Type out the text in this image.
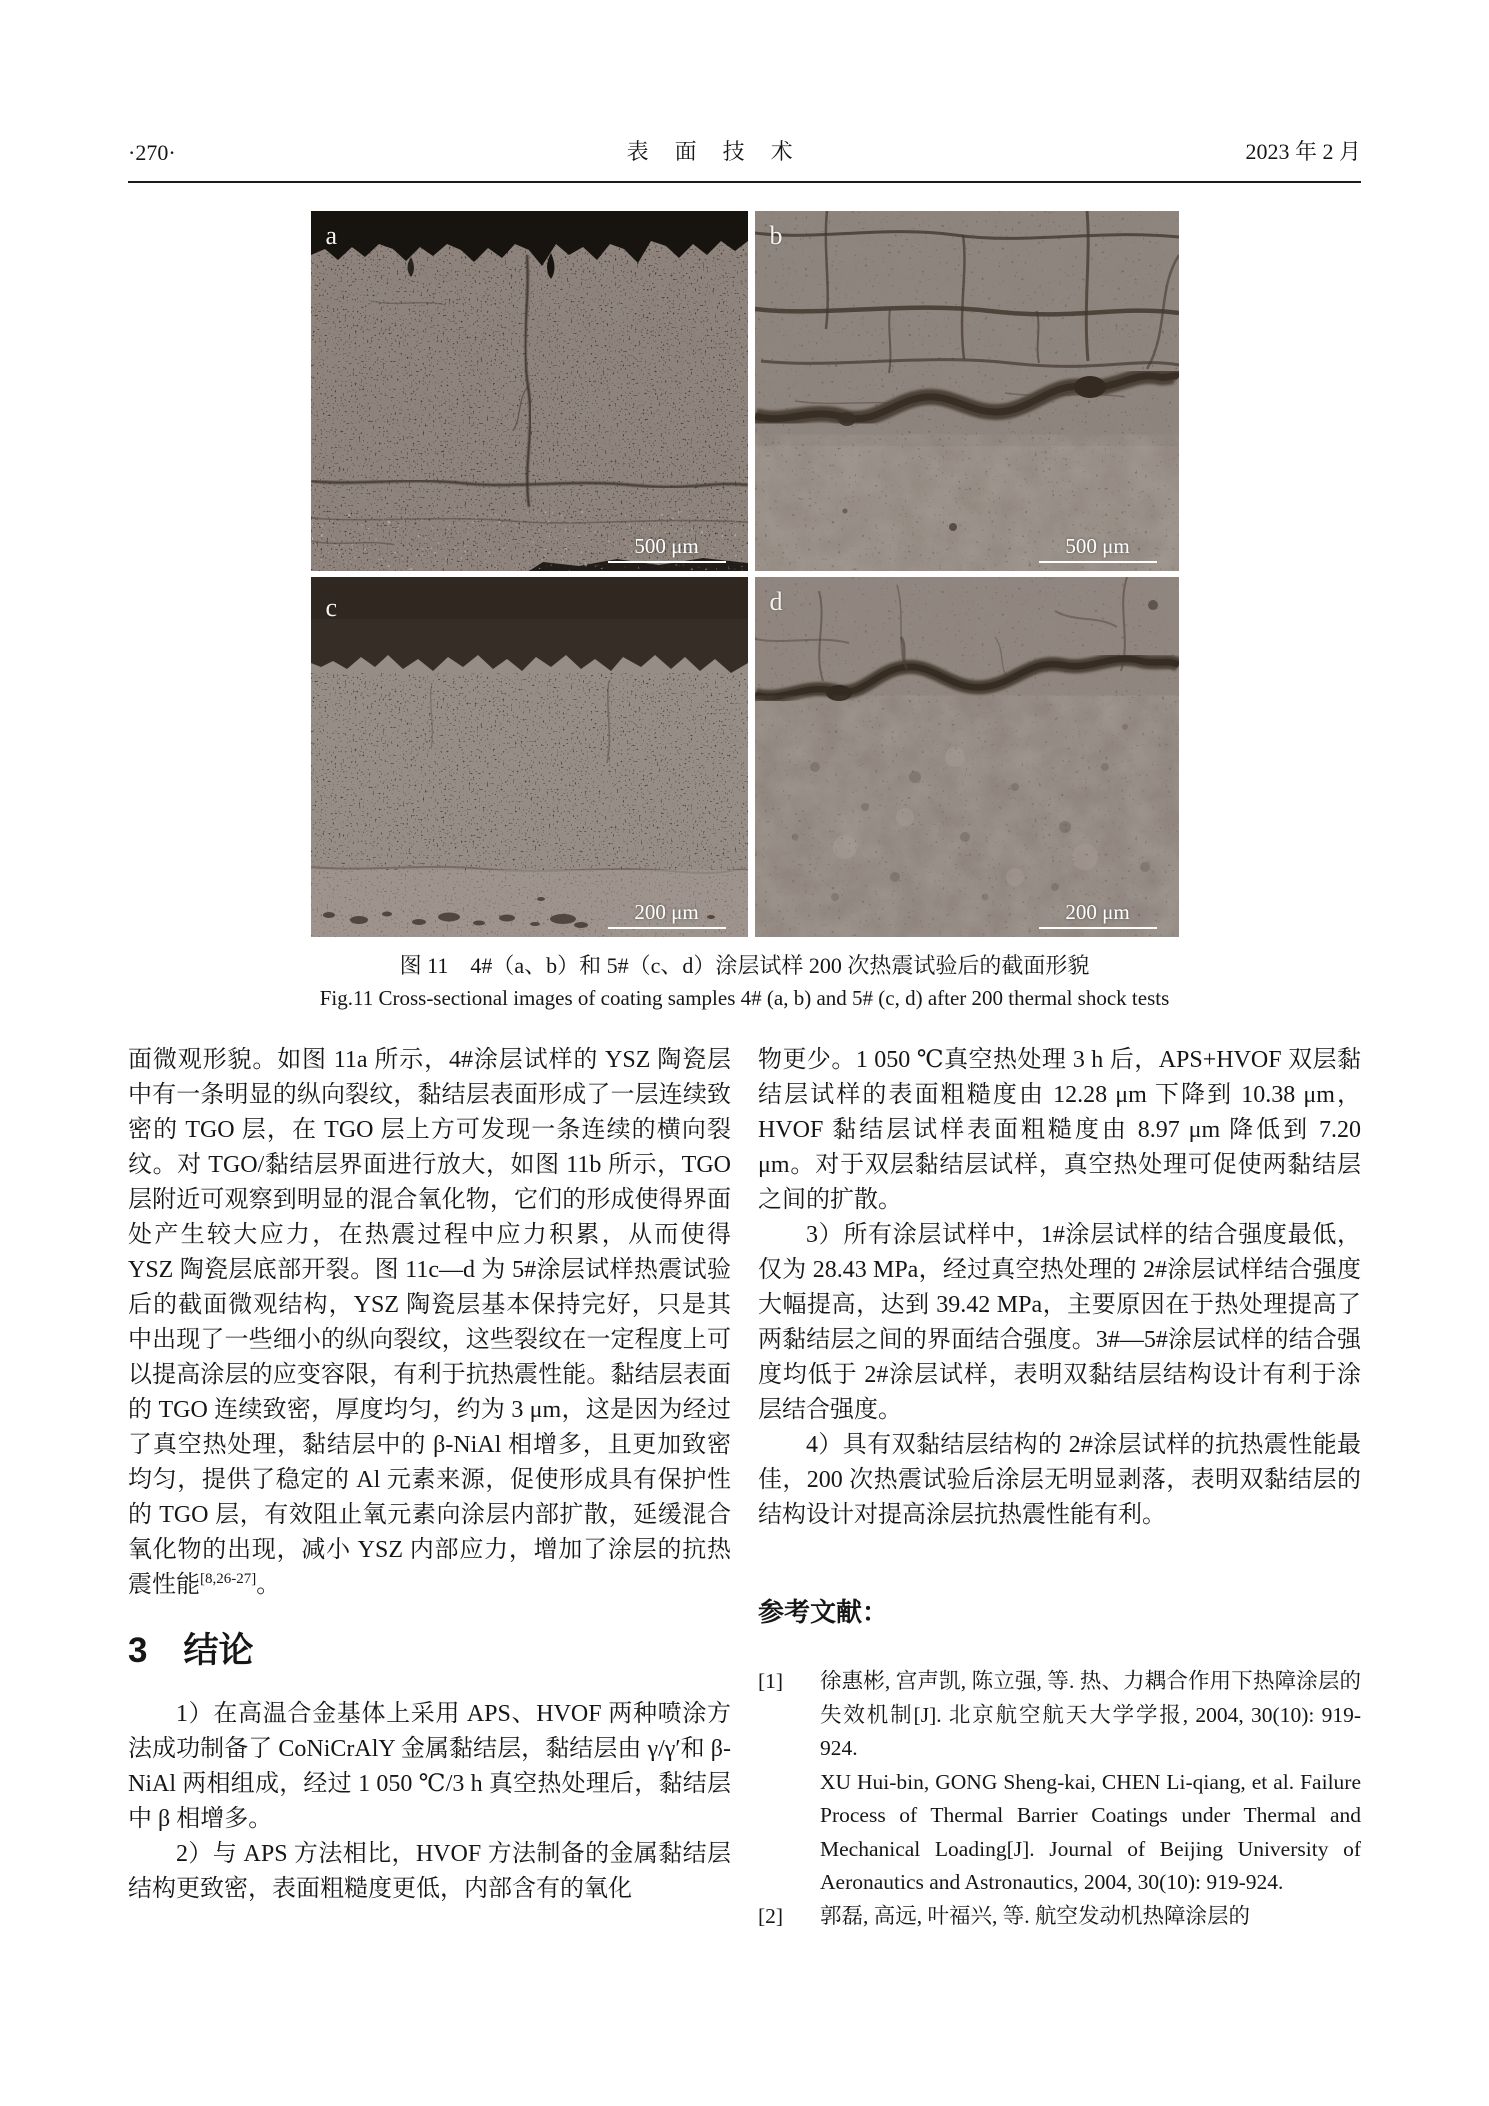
·270·	表　面　技　术	2023 年 2 月
a
500 μm
b
500 μm
c
200 μm
d
200 μm

图 11　4#（a、b）和 5#（c、d）涂层试样 200 次热震试验后的截面形貌

Fig.11 Cross-sectional images of coating samples 4# (a, b) and 5# (c, d) after 200 thermal shock tests

面微观形貌。如图 11a 所示，4#涂层试样的 YSZ 陶瓷层中有一条明显的纵向裂纹，黏结层表面形成了一层连续致密的 TGO 层，在 TGO 层上方可发现一条连续的横向裂纹。对 TGO/黏结层界面进行放大，如图 11b 所示，TGO 层附近可观察到明显的混合氧化物，它们的形成使得界面处产生较大应力，在热震过程中应力积累，从而使得 YSZ 陶瓷层底部开裂。图 11c—d 为 5#涂层试样热震试验后的截面微观结构，YSZ 陶瓷层基本保持完好，只是其中出现了一些细小的纵向裂纹，这些裂纹在一定程度上可以提高涂层的应变容限，有利于抗热震性能。黏结层表面的 TGO 连续致密，厚度均匀，约为 3 μm，这是因为经过了真空热处理，黏结层中的 β-NiAl 相增多，且更加致密均匀，提供了稳定的 Al 元素来源，促使形成具有保护性的 TGO 层，有效阻止氧元素向涂层内部扩散，延缓混合氧化物的出现，减小 YSZ 内部应力，增加了涂层的抗热震性能[8,26-27]。

3 结论

1）在高温合金基体上采用 APS、HVOF 两种喷涂方法成功制备了 CoNiCrAlY 金属黏结层，黏结层由 γ/γ′和 β-NiAl 两相组成，经过 1 050 ℃/3 h 真空热处理后，黏结层中 β 相增多。

2）与 APS 方法相比，HVOF 方法制备的金属黏结层结构更致密，表面粗糙度更低，内部含有的氧化

物更少。1 050 ℃真空热处理 3 h 后，APS+HVOF 双层黏结层试样的表面粗糙度由 12.28 μm 下降到 10.38 μm，HVOF 黏结层试样表面粗糙度由 8.97 μm 降低到 7.20 μm。对于双层黏结层试样，真空热处理可促使两黏结层之间的扩散。

3）所有涂层试样中，1#涂层试样的结合强度最低，仅为 28.43 MPa，经过真空热处理的 2#涂层试样结合强度大幅提高，达到 39.42 MPa，主要原因在于热处理提高了两黏结层之间的界面结合强度。3#—5#涂层试样的结合强度均低于 2#涂层试样，表明双黏结层结构设计有利于涂层结合强度。

4）具有双黏结层结构的 2#涂层试样的抗热震性能最佳，200 次热震试验后涂层无明显剥落，表明双黏结层的结构设计对提高涂层抗热震性能有利。

参考文献：
[1]	徐惠彬, 宫声凯, 陈立强, 等. 热、力耦合作用下热障涂层的失效机制[J]. 北京航空航天大学学报, 2004, 30(10): 919-924.

XU Hui-bin, GONG Sheng-kai, CHEN Li-qiang, et al. Failure Process of Thermal Barrier Coatings under Thermal and Mechanical Loading[J]. Journal of Beijing University of Aeronautics and Astronautics, 2004, 30(10): 919-924.

[2]	郭磊, 高远, 叶福兴, 等. 航空发动机热障涂层的
